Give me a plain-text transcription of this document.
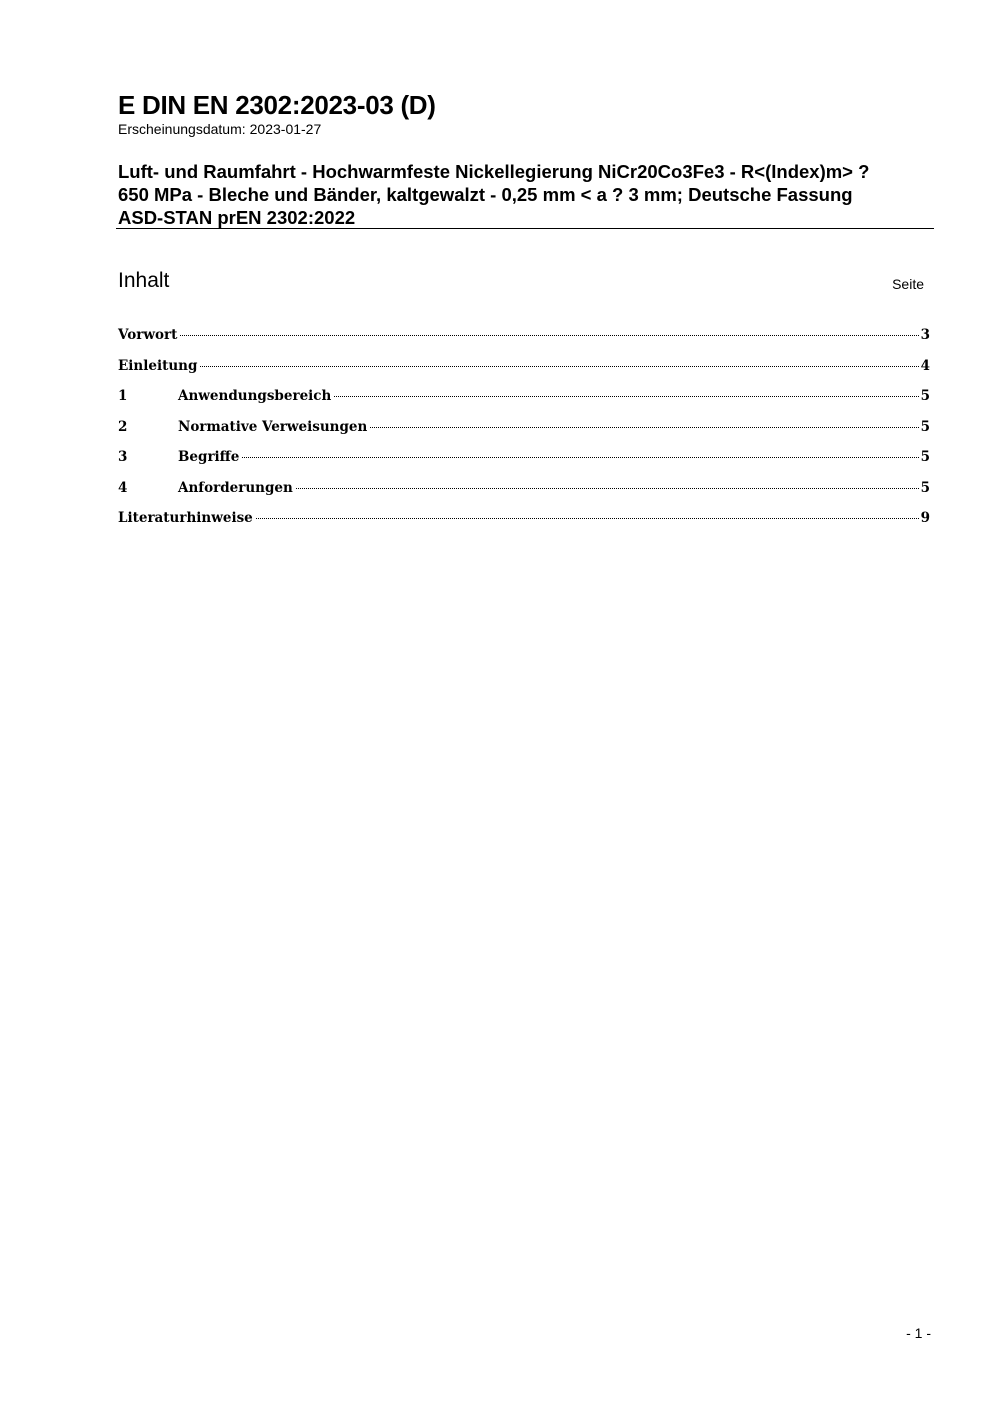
E DIN EN 2302:2023-03 (D)
Erscheinungsdatum: 2023-01-27
Luft- und Raumfahrt - Hochwarmfeste Nickellegierung NiCr20Co3Fe3 - R<(Index)m> ?
650 MPa - Bleche und Bänder, kaltgewalzt - 0,25 mm < a ? 3 mm; Deutsche Fassung
ASD-STAN prEN 2302:2022
Inhalt	Seite
Vorwort	3
Einleitung	4
1	Anwendungsbereich	5
2	Normative Verweisungen	5
3	Begriffe	5
4	Anforderungen	5
Literaturhinweise	9
- 1 -
